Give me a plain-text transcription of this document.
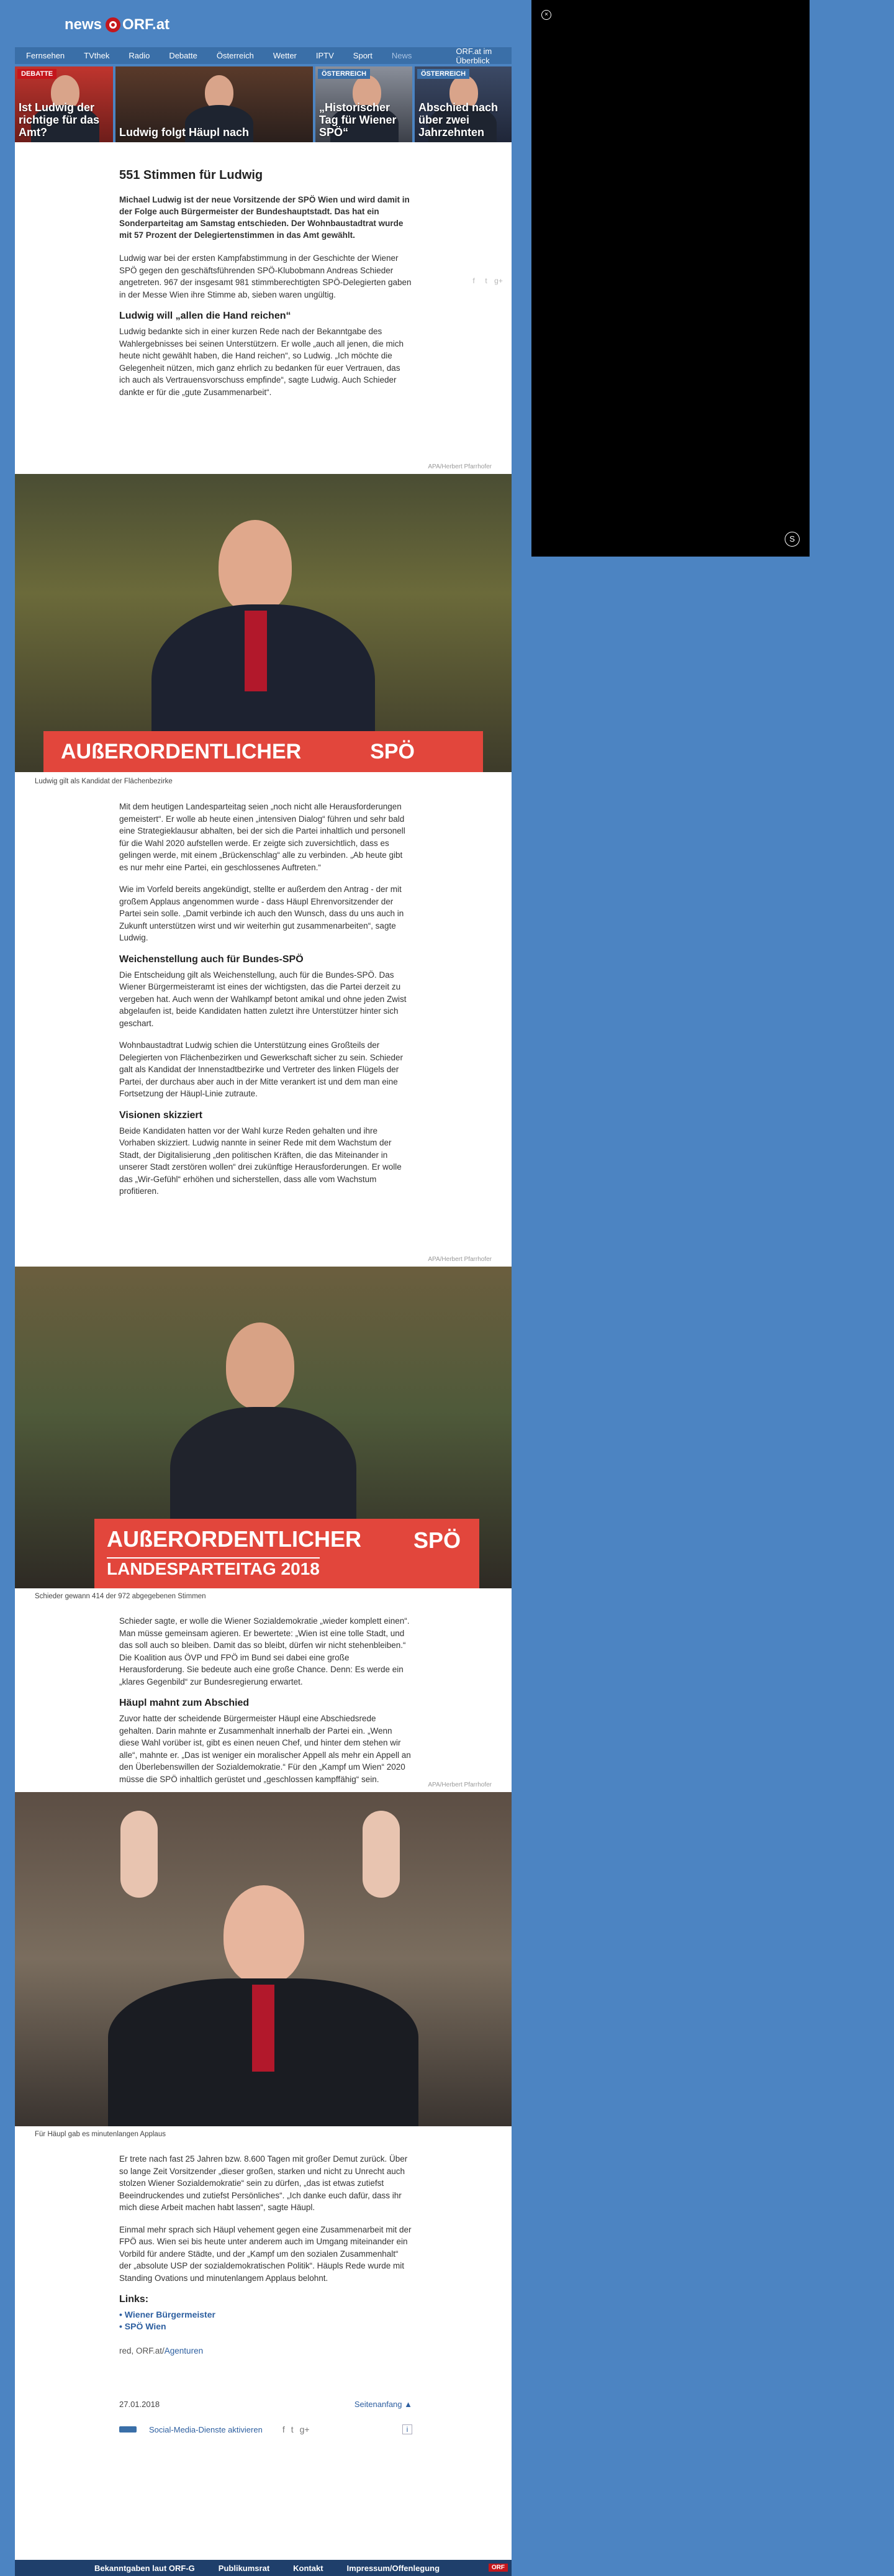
news ORF.at
Fernsehen TVthek Radio Debatte Österreich Wetter IPTV Sport News	ORF.at im Überblick
DEBATTE
Ist Ludwig der richtige für das Amt?	Ludwig folgt Häupl nach
ÖSTERREICH
„Historischer Tag für Wiener SPÖ“
ÖSTERREICH
Abschied nach über zwei Jahrzehnten
f	t g+
551 Stimmen für Ludwig

Michael Ludwig ist der neue Vorsitzende der SPÖ Wien und wird damit in der Folge auch Bürgermeister der Bundeshauptstadt. Das hat ein Sonderparteitag am Samstag entschieden. Der Wohnbaustadtrat wurde mit 57 Prozent der Delegiertenstimmen in das Amt gewählt.

Ludwig war bei der ersten Kampfabstimmung in der Geschichte der Wiener SPÖ gegen den geschäftsführenden SPÖ-Klubobmann Andreas Schieder angetreten. 967 der insgesamt 981 stimmberechtigten SPÖ-Delegierten gaben in der Messe Wien ihre Stimme ab, sieben waren ungültig.

Ludwig will „allen die Hand reichen“

Ludwig bedankte sich in einer kurzen Rede nach der Bekanntgabe des Wahlergebnisses bei seinen Unterstützern. Er wolle „auch all jenen, die mich heute nicht gewählt haben, die Hand reichen“, so Ludwig. „Ich möchte die Gelegenheit nützen, mich ganz ehrlich zu bedanken für euer Vertrauen, das ich auch als Vertrauensvorschuss empfinde“, sagte Ludwig. Auch Schieder dankte er für die „gute Zusammenarbeit“.

APA/Herbert Pfarrhofer
AUßERORDENTLICHER	SPÖ
Ludwig gilt als Kandidat der Flächenbezirke

Mit dem heutigen Landesparteitag seien „noch nicht alle Herausforderungen gemeistert“. Er wolle ab heute einen „intensiven Dialog“ führen und sehr bald eine Strategieklausur abhalten, bei der sich die Partei inhaltlich und personell für die Wahl 2020 aufstellen werde. Er zeigte sich zuversichtlich, dass es gelingen werde, mit einem „Brückenschlag“ alle zu verbinden. „Ab heute gibt es nur mehr eine Partei, ein geschlossenes Auftreten.“

Wie im Vorfeld bereits angekündigt, stellte er außerdem den Antrag - der mit großem Applaus angenommen wurde - dass Häupl Ehrenvorsitzender der Partei sein solle. „Damit verbinde ich auch den Wunsch, dass du uns auch in Zukunft unterstützen wirst und wir weiterhin gut zusammenarbeiten“, sagte Ludwig.

Weichenstellung auch für Bundes-SPÖ

Die Entscheidung gilt als Weichenstellung, auch für die Bundes-SPÖ. Das Wiener Bürgermeisteramt ist eines der wichtigsten, das die Partei derzeit zu vergeben hat. Auch wenn der Wahlkampf betont amikal und ohne jeden Zwist abgelaufen ist, beide Kandidaten hatten zuletzt ihre Unterstützer hinter sich geschart.

Wohnbaustadtrat Ludwig schien die Unterstützung eines Großteils der Delegierten von Flächenbezirken und Gewerkschaft sicher zu sein. Schieder galt als Kandidat der Innenstadtbezirke und Vertreter des linken Flügels der Partei, der durchaus aber auch in der Mitte verankert ist und dem man eine Fortsetzung der Häupl-Linie zutraute.

Visionen skizziert

Beide Kandidaten hatten vor der Wahl kurze Reden gehalten und ihre Vorhaben skizziert. Ludwig nannte in seiner Rede mit dem Wachstum der Stadt, der Digitalisierung „den politischen Kräften, die das Miteinander in unserer Stadt zerstören wollen“ drei zukünftige Herausforderungen. Er wolle das „Wir-Gefühl“ erhöhen und sicherstellen, dass alle vom Wachstum profitieren.

APA/Herbert Pfarrhofer
AUßERORDENTLICHER
LANDESPARTEITAG 2018
SPÖ
Schieder gewann 414 der 972 abgegebenen Stimmen

Schieder sagte, er wolle die Wiener Sozialdemokratie „wieder komplett einen“. Man müsse gemeinsam agieren. Er bewertete: „Wien ist eine tolle Stadt, und das soll auch so bleiben. Damit das so bleibt, dürfen wir nicht stehenbleiben.“ Die Koalition aus ÖVP und FPÖ im Bund sei dabei eine große Herausforderung. Sie bedeute auch eine große Chance. Denn: Es werde ein „klares Gegenbild“ zur Bundesregierung erwartet.

Häupl mahnt zum Abschied

Zuvor hatte der scheidende Bürgermeister Häupl eine Abschiedsrede gehalten. Darin mahnte er Zusammenhalt innerhalb der Partei ein. „Wenn diese Wahl vorüber ist, gibt es einen neuen Chef, und hinter dem stehen wir alle“, mahnte er. „Das ist weniger ein moralischer Appell als mehr ein Appell an den Überlebenswillen der Sozialdemokratie.“ Für den „Kampf um Wien“ 2020 müsse die SPÖ inhaltlich gerüstet und „geschlossen kampffähig“ sein.

APA/Herbert Pfarrhofer
Für Häupl gab es minutenlangen Applaus

Er trete nach fast 25 Jahren bzw. 8.600 Tagen mit großer Demut zurück. Über so lange Zeit Vorsitzender „dieser großen, starken und nicht zu Unrecht auch stolzen Wiener Sozialdemokratie“ sein zu dürfen, „das ist etwas zutiefst Beeindruckendes und zutiefst Persönliches“. „Ich danke euch dafür, dass ihr mich diese Arbeit machen habt lassen“, sagte Häupl.

Einmal mehr sprach sich Häupl vehement gegen eine Zusammenarbeit mit der FPÖ aus. Wien sei bis heute unter anderem auch im Umgang miteinander ein Vorbild für andere Städte, und der „Kampf um den sozialen Zusammenhalt“ der „absolute USP der sozialdemokratischen Politik“. Häupls Rede wurde mit Standing Ovations und minutenlangem Applaus belohnt.

Links:
• Wiener Bürgermeister
• SPÖ Wien

red, ORF.at/Agenturen

27.01.2018	Seitenanfang ▲
Social-Media-Dienste aktivieren f t g+	i
Bekanntgaben laut ORF-G	Publikumsrat	Kontakt	Impressum/Offenlegung	ORF
×
S
